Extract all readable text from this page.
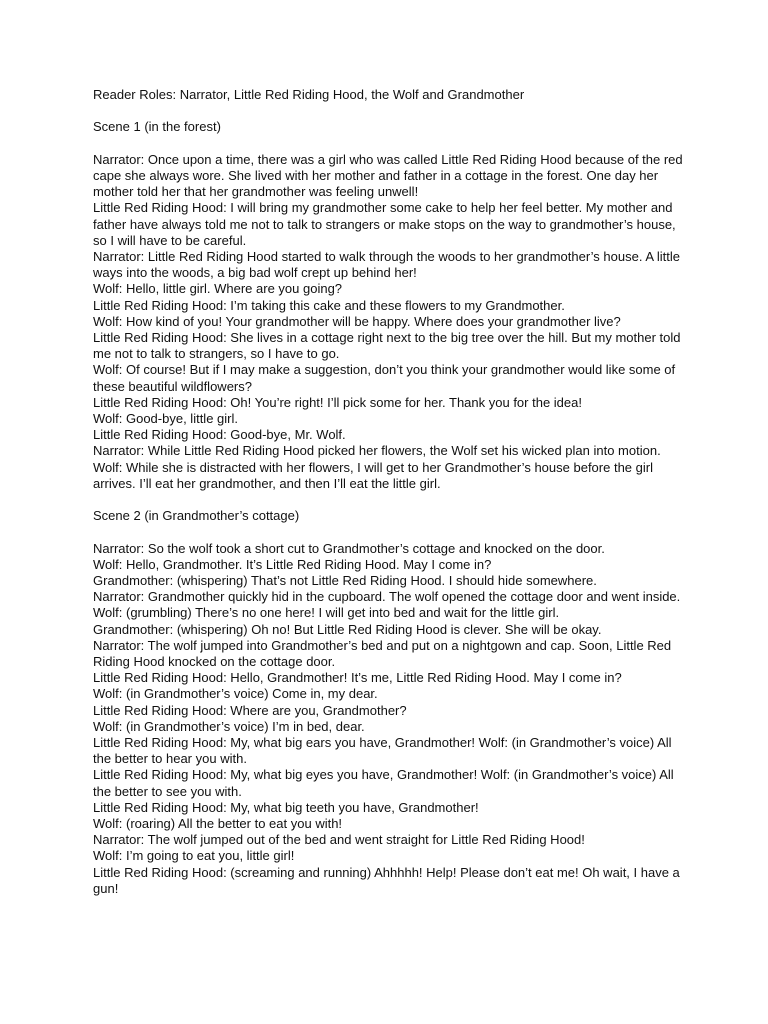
Reader Roles: Narrator, Little Red Riding Hood, the Wolf and Grandmother

Scene 1 (in the forest)

Narrator: Once upon a time, there was a girl who was called Little Red Riding Hood because of the red cape she always wore. She lived with her mother and father in a cottage in the forest. One day her mother told her that her grandmother was feeling unwell!

Little Red Riding Hood: I will bring my grandmother some cake to help her feel better. My mother and father have always told me not to talk to strangers or make stops on the way to grandmother’s house, so I will have to be careful.

Narrator: Little Red Riding Hood started to walk through the woods to her grandmother’s house. A little ways into the woods, a big bad wolf crept up behind her!

Wolf: Hello, little girl. Where are you going?

Little Red Riding Hood: I’m taking this cake and these flowers to my Grandmother.

Wolf: How kind of you! Your grandmother will be happy. Where does your grandmother live?

Little Red Riding Hood: She lives in a cottage right next to the big tree over the hill. But my mother told me not to talk to strangers, so I have to go.

Wolf: Of course! But if I may make a suggestion, don’t you think your grandmother would like some of these beautiful wildflowers?

Little Red Riding Hood: Oh! You’re right! I’ll pick some for her. Thank you for the idea!

Wolf: Good-bye, little girl.

Little Red Riding Hood: Good-bye, Mr. Wolf.

Narrator: While Little Red Riding Hood picked her flowers, the Wolf set his wicked plan into motion.

Wolf: While she is distracted with her flowers, I will get to her Grandmother’s house before the girl arrives. I’ll eat her grandmother, and then I’ll eat the little girl.

Scene 2 (in Grandmother’s cottage)

Narrator: So the wolf took a short cut to Grandmother’s cottage and knocked on the door.

Wolf: Hello, Grandmother. It’s Little Red Riding Hood. May I come in?

Grandmother: (whispering) That’s not Little Red Riding Hood. I should hide somewhere.

Narrator: Grandmother quickly hid in the cupboard. The wolf opened the cottage door and went inside.

Wolf: (grumbling) There’s no one here! I will get into bed and wait for the little girl.

Grandmother: (whispering) Oh no! But Little Red Riding Hood is clever. She will be okay.

Narrator: The wolf jumped into Grandmother’s bed and put on a nightgown and cap. Soon, Little Red Riding Hood knocked on the cottage door.

Little Red Riding Hood: Hello, Grandmother! It’s me, Little Red Riding Hood. May I come in?

Wolf: (in Grandmother’s voice) Come in, my dear.

Little Red Riding Hood: Where are you, Grandmother?

Wolf: (in Grandmother’s voice) I’m in bed, dear.

Little Red Riding Hood: My, what big ears you have, Grandmother! Wolf: (in Grandmother’s voice) All the better to hear you with.

Little Red Riding Hood: My, what big eyes you have, Grandmother! Wolf: (in Grandmother’s voice) All the better to see you with.

Little Red Riding Hood: My, what big teeth you have, Grandmother!

Wolf: (roaring) All the better to eat you with!

Narrator: The wolf jumped out of the bed and went straight for Little Red Riding Hood!

Wolf: I’m going to eat you, little girl!

Little Red Riding Hood: (screaming and running) Ahhhhh! Help! Please don’t eat me! Oh wait, I have a gun!
